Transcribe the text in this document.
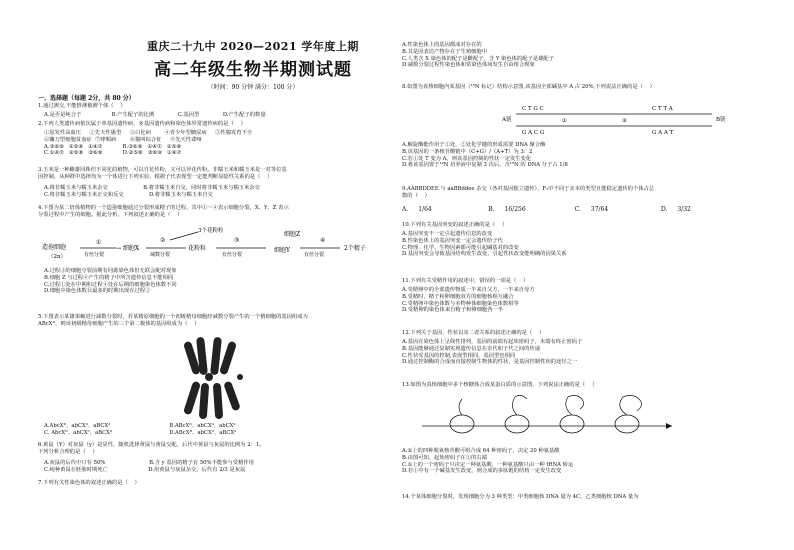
重庆二十九中 2020—2021 学年度上期
高二年级生物半期测试题
（时间：90 分钟 满分：100 分）
一、选择题（每题 2分，共 80 分）
1.通过测交,不能推测被测个体（    ）
A.是否是纯合子                  B.产生配子的比例              C.基因型              D.产生配子的数量
2.下列人类遗传病依次属于单基因遗传病、多基因遗传病和染色体异常遗传病的是（    ）
①原发性高血压     ②先天性愚型     ③白化病        ④青少年型糖尿病     ⑤性腺发育不全
⑥镰刀型细胞贫血症  ⑦哮喘病        ⑧猫叫综合征     ⑨先天性聋哑
A.③⑥⑨   ②⑤⑧   ①④⑦            B.③⑥⑨   ①④⑦   ②⑤⑧
C.①④⑦   ②⑤⑧   ③⑥⑨            D.②⑤⑧   ③⑥⑨   ①④⑦
3.玉米是一种雌雄同株但不同花的植物，可以自花传粉，又可以异花传粉。非糯玉米和糯玉米是一对等位基
因控制，从种群中选择均为一个体进行下列实验，根据子代表现型一定能判断显隐性关系的是（    ）
A.将非糯玉米与糯玉米杂交                     B.将非糯玉米自交，同时将非糯玉米与糯玉米杂交
C.将非糯玉米与糯玉米正交和反交               D.将非糯玉米与糯玉米自交
4.下图为某二倍体植物的一个造孢细胞通过分裂形成精子的过程，其中①～④表示细胞分裂，X、Y、Z 表示
分裂过程中产生的细胞。据此分析，下列叙述正确的是（    ）
造孢细胞
（2n）
①
有丝分裂
→ 细胞X
②
减数分裂
3个花粉粒
花粉粒
③
有丝分裂
细胞Z
细胞Y
④
有丝分裂
2个精子
A.过程③的细胞分裂前期有同源染色体但无联会配对现象
B.细胞 Z 与过程④产生的精子中所含遗传信息不能相同
C.过程①处在中期和过程④处在后期的细胞染色体数不同
D.细胞中染色体数目最多的时期出现在过程②
5.下图表示某雄果蝇进行减数分裂时，若某精原细胞的一个初级精母细胞经减数分裂产生的一个精细胞的基因组成为
ABcXᴰ，则该初级精母细胞产生的三个第二极体的基因组成为（    ）
A.AbcXᴰ、abCXᵈ、aBCXᵈ                                   B.ABcXᴰ、abCXᵈ、abCXᵈ
C. AbcXᴰ、abCXᵈ、aBCXᵈ                                  D.ABcXᴰ、abCXᵈ、aBCXᵈ
6.黄鼠（Y）对灰鼠（y）是显性，随机选择黄鼠与黄鼠交配，后代中黄鼠与灰鼠的比例为 2：1。
下列分析合理的是（    ）
A.灰鼠的后代中只有 50%                          B.含 y 基因的精子有 50%不能参与受精作用
C.纯种黄鼠在胚胎时期死亡                        D.用黄鼠与灰鼠杂交，后代有 2/3 是灰鼠
7.下列有关性染色体的叙述正确的是（    ）
A.性染色体上的基因都成对存在的
B.其是因表达产物存在于生殖细胞中
C.人类含 X 染色体的配子是雌配子，含 Y 染色体的配子是雄配子
D.减数分裂过程性染色体和常染色体间发生自由组合现象
8.如图为真核细胞内某基因（¹⁵N 标记）结构示意图,该基因全部碱基中 A 占 20%,下列说法正确的是（    ）
A链
C T G C
G A C G
C T T A
G A A T
①	②	B链
A.解旋酶能作用于①处，②处化学键的形成需要 DNA 聚合酶
B.该基因的一条核苷酸链中（C+G）/（A+T）为 3：2
C.若①处 T 变为 A，则该基因控制的性状一定发生变化
D.将该基因置于¹⁴N 培养液中复制 3 次后，含¹⁵N 的 DNA 分子占 1/8
9.AABBDDEE 与 aaBBddee 杂交（各对基因独立遗传），F₂中不同于亲本的类型且能稳定遗传的个体占总
数的（    ）
A. 1/64	B. 16/256	C. 37/64	D. 3/32
10.下列有关基因突变的叙述正确的是（    ）
A.基因突变不一定引起遗传信息的改变
B.性染色体上的基因突变一定会遗传给子代
C.物理、化学、生物因素都可能引起碱基对的改变
D.基因突变会导致基因结构发生改变，引起性状改变能明确的因果关系
11.下列有关受精作用的叙述中，错误的一项是（    ）
A.受精卵中的全部遗传物质一半来自父方，一半来自母方
B.受精时，精子和卵细胞双方的细胞核相互融合
C.受精卵中染色体数与本物种体细胞染色体数相等
D.受精卵的染色体来自精子和卵细胞各一半
12.下列关于基因、性状以及二者关系的叙述正确的是（    ）
A.基因在染色体上呈线性排列，基因的前端有起始密码子，末端有终止密码子
B.基因能够通过复制实现遗传信息在亲代和子代之间的传递
C.性状受基因的控制,表现型相同，基因型也相同
D.通过控制酶的合成而直接控制生物体的性状，是基因控制性状的途径之一
13.如图为真核细胞中多个核糖体合成某蛋白质的示意图，下列说法正确的是（    ）
A.①上的四种脱氧核苷酸可组合成 64 种密码子，决定 20 种氨基酸
B.由图可知，起始密码子在①的右端
C.①上的一个密码子只决定一种氨基酸，一种氨基酸只由一种 tRNA 转运
D.若①中有一个碱基发生改变，则合成的多肽链的结构一定发生改变
14.个某体细胞分裂时，发现细胞分为 3 种类型：甲类细胞核 DNA 量为 4C，乙类细胞核 DNA 量为
